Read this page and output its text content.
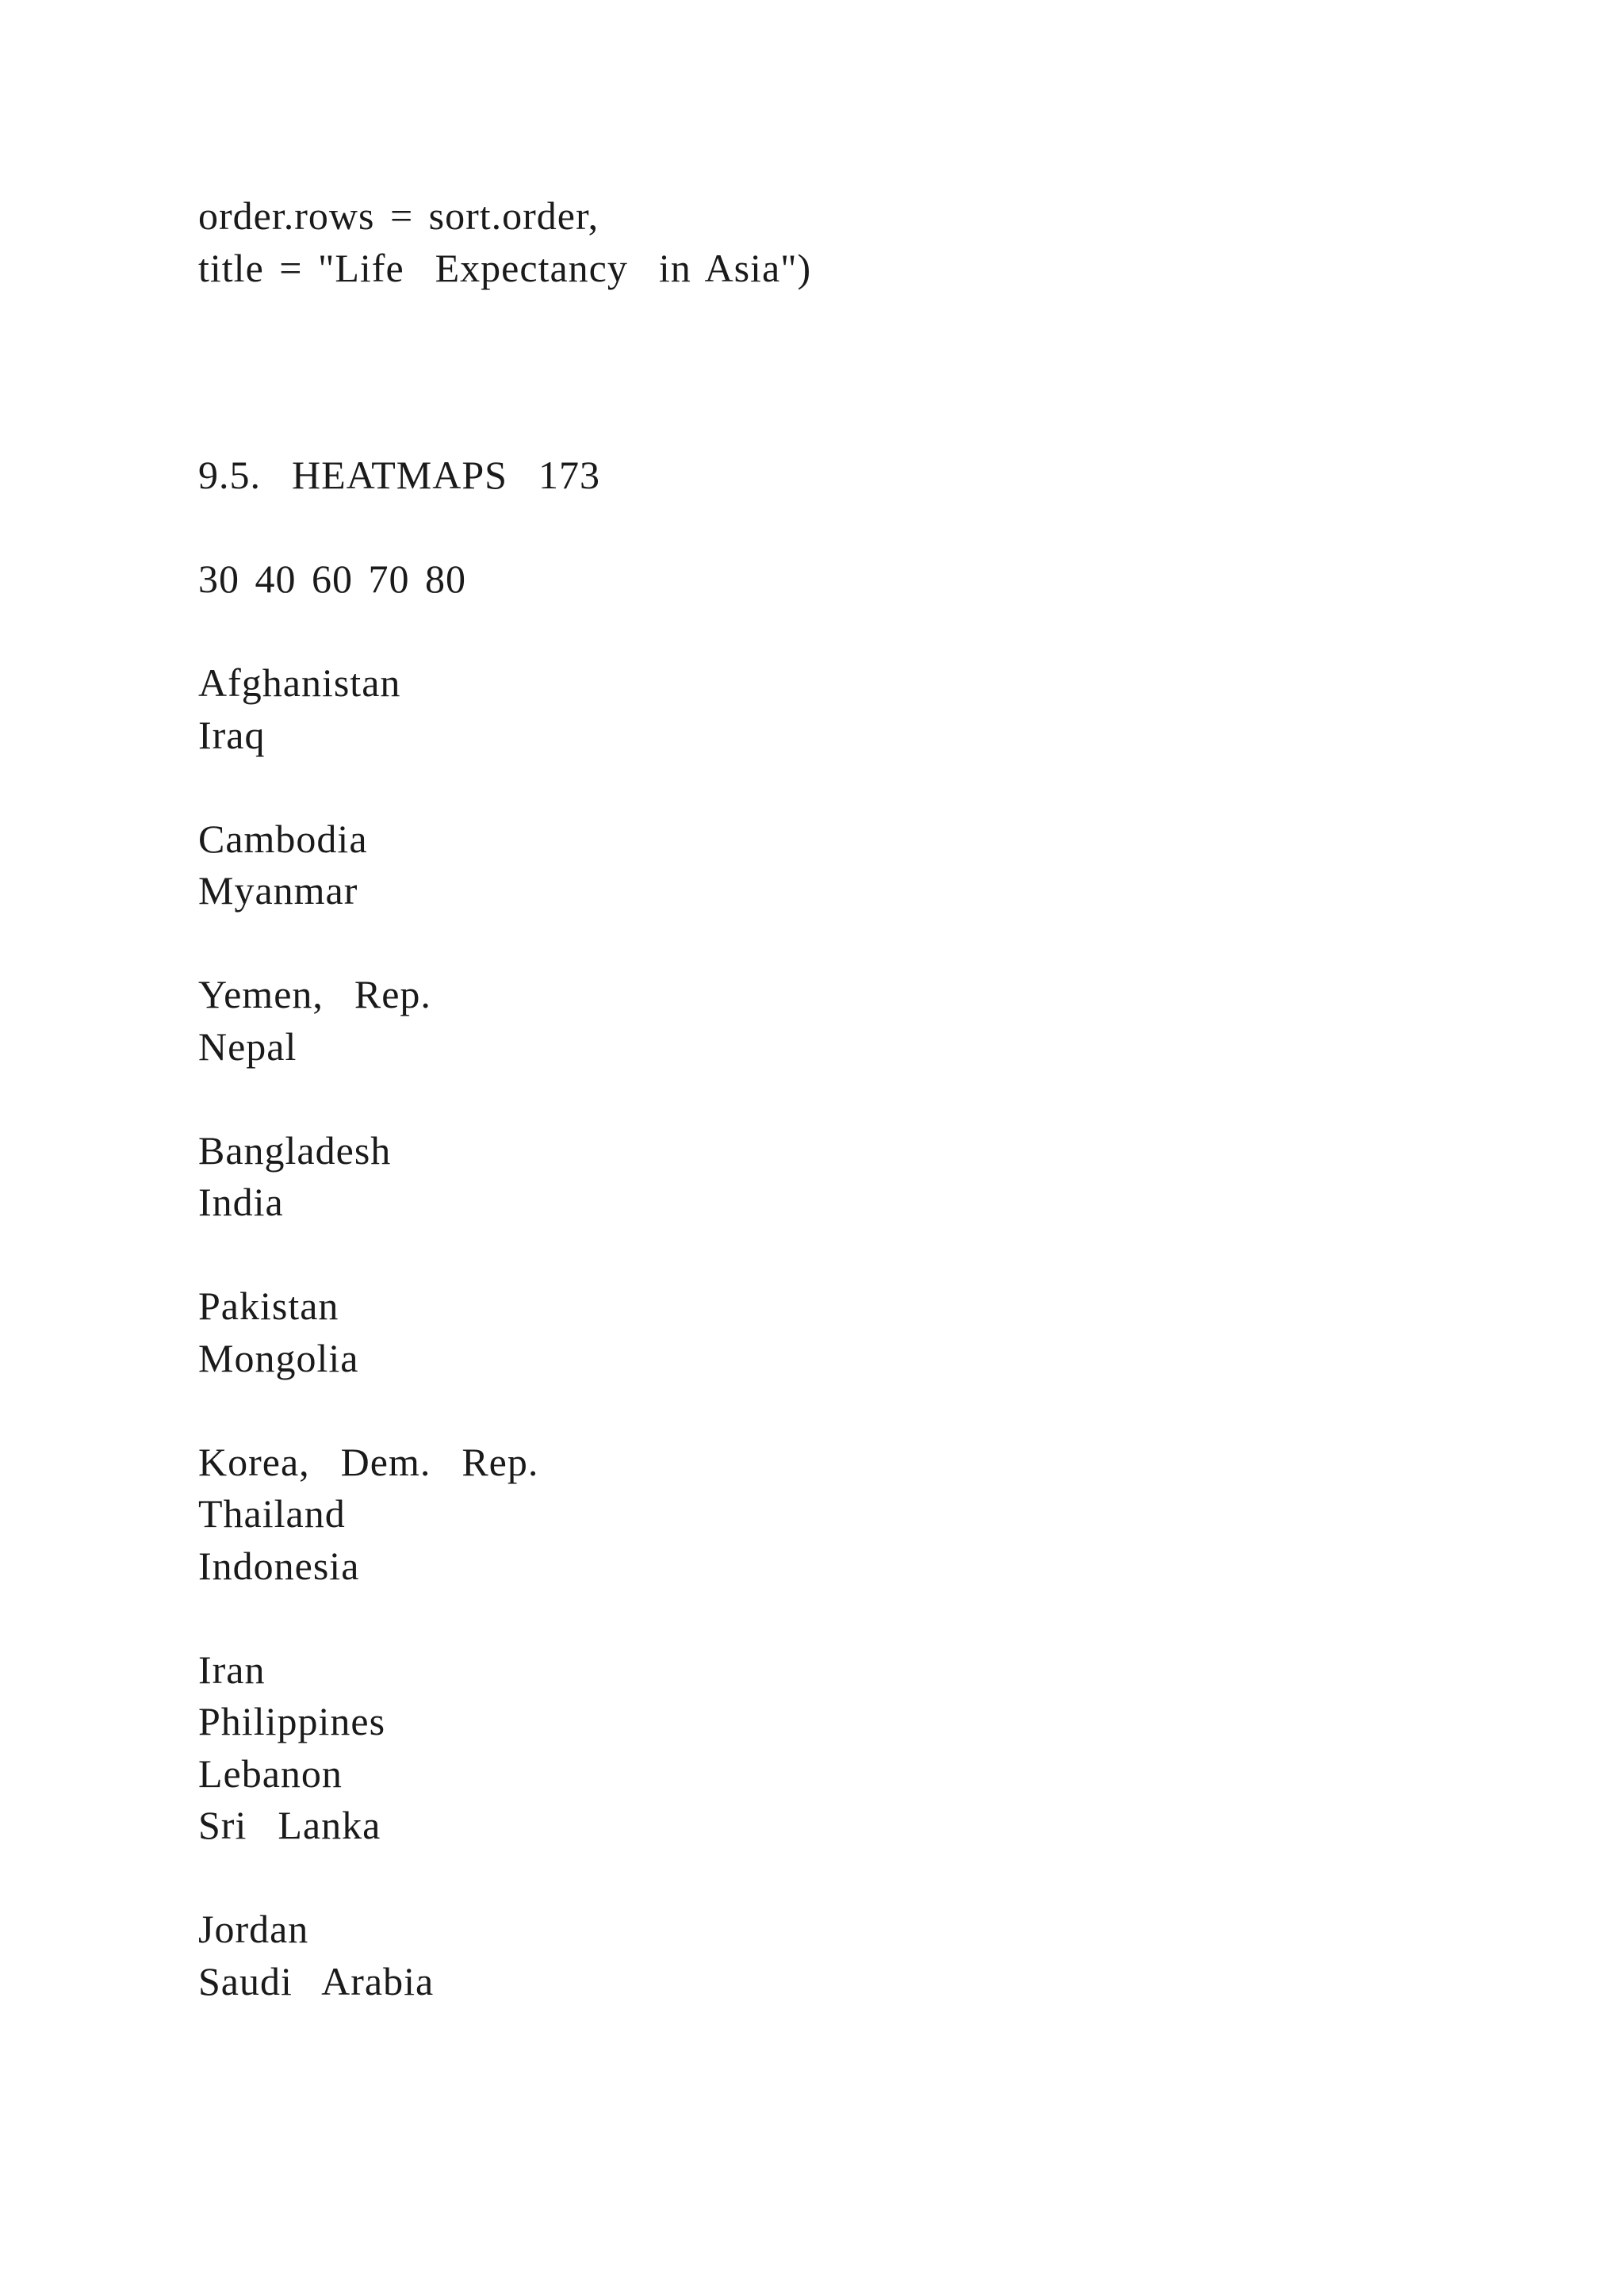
order.rows = sort.order,
title = "Life  Expectancy  in Asia")
9.5.  HEATMAPS  173
30 40 60 70 80
Afghanistan
Iraq
Cambodia
Myanmar
Yemen,  Rep.
Nepal
Bangladesh
India
Pakistan
Mongolia
Korea,  Dem.  Rep.
Thailand
Indonesia
Iran
Philippines
Lebanon
Sri  Lanka
Jordan
Saudi  Arabia
